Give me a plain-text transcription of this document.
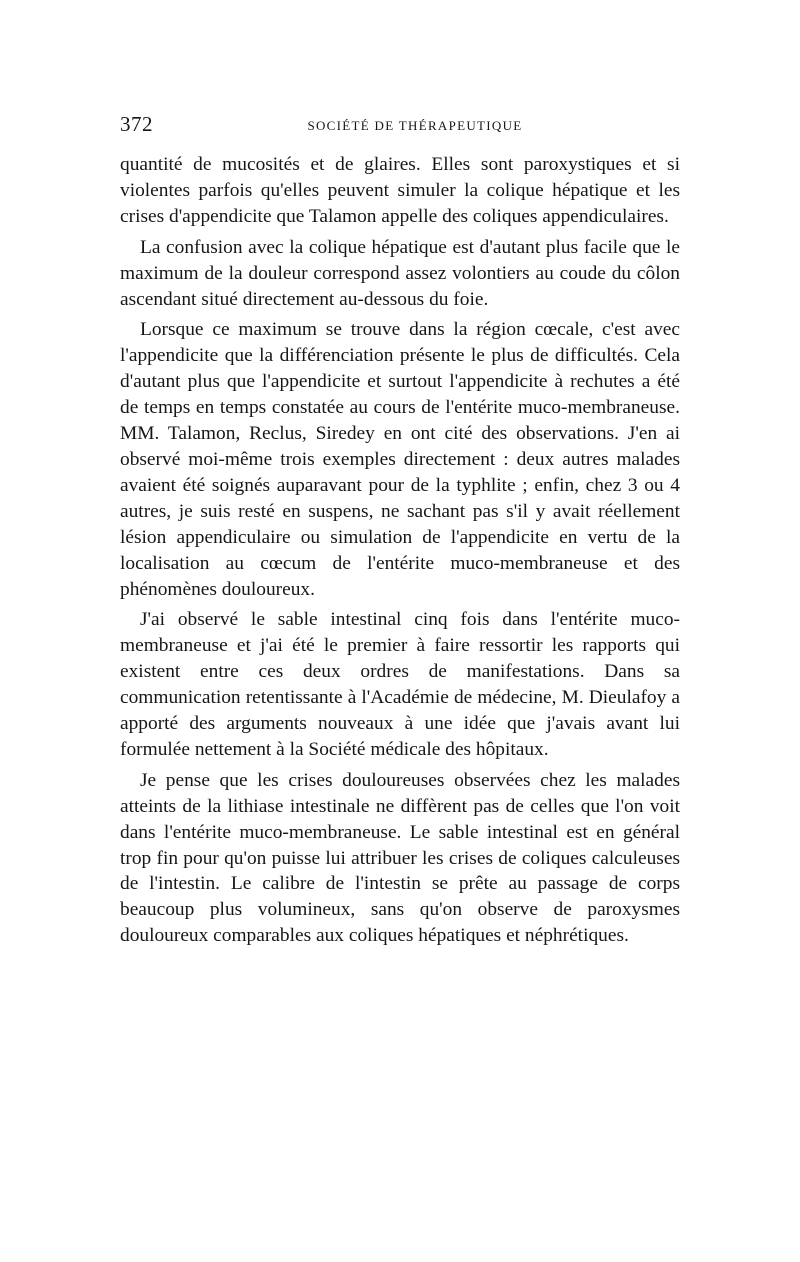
372	SOCIÉTÉ DE THÉRAPEUTIQUE

quantité de mucosités et de glaires. Elles sont paroxystiques et si violentes parfois qu'elles peuvent simuler la colique hépatique et les crises d'appendicite que Talamon appelle des coliques appendiculaires.

La confusion avec la colique hépatique est d'autant plus facile que le maximum de la douleur correspond assez volontiers au coude du côlon ascendant situé directement au-dessous du foie.

Lorsque ce maximum se trouve dans la région cœcale, c'est avec l'appendicite que la différenciation présente le plus de difficultés. Cela d'autant plus que l'appendicite et surtout l'appendicite à rechutes a été de temps en temps constatée au cours de l'entérite muco-membraneuse. MM. Talamon, Reclus, Siredey en ont cité des observations. J'en ai observé moi-même trois exemples directement : deux autres malades avaient été soignés auparavant pour de la typhlite ; enfin, chez 3 ou 4 autres, je suis resté en suspens, ne sachant pas s'il y avait réellement lésion appendiculaire ou simulation de l'appendicite en vertu de la localisation au cœcum de l'entérite muco-membraneuse et des phénomènes douloureux.

J'ai observé le sable intestinal cinq fois dans l'entérite muco-membraneuse et j'ai été le premier à faire ressortir les rapports qui existent entre ces deux ordres de manifestations. Dans sa communication retentissante à l'Académie de médecine, M. Dieulafoy a apporté des arguments nouveaux à une idée que j'avais avant lui formulée nettement à la Société médicale des hôpitaux.

Je pense que les crises douloureuses observées chez les malades atteints de la lithiase intestinale ne diffèrent pas de celles que l'on voit dans l'entérite muco-membraneuse. Le sable intestinal est en général trop fin pour qu'on puisse lui attribuer les crises de coliques calculeuses de l'intestin. Le calibre de l'intestin se prête au passage de corps beaucoup plus volumineux, sans qu'on observe de paroxysmes douloureux comparables aux coliques hépatiques et néphrétiques.
